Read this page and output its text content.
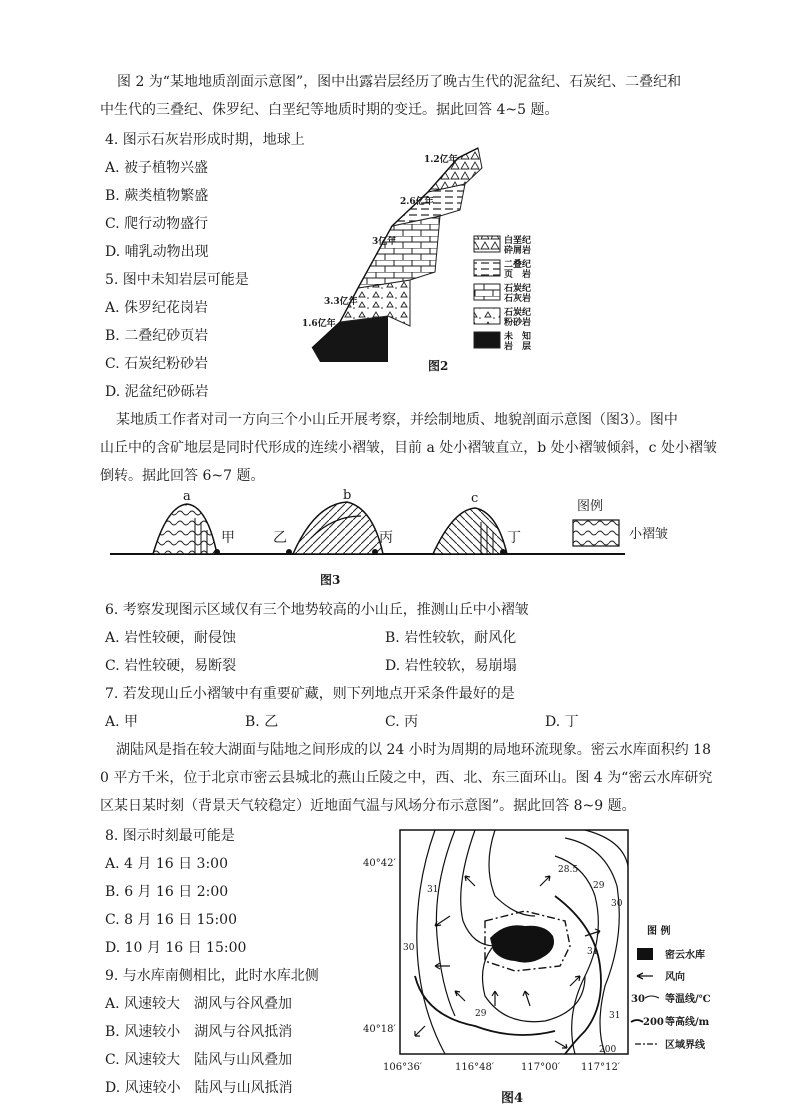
图 2 为“某地地质剖面示意图”，图中出露岩层经历了晚古生代的泥盆纪、石炭纪、二叠纪和
中生代的三叠纪、侏罗纪、白垩纪等地质时期的变迁。据此回答 4~5 题。
4. 图示石灰岩形成时期，地球上
A. 被子植物兴盛
B. 蕨类植物繁盛
C. 爬行动物盛行
D. 哺乳动物出现
5. 图中未知岩层可能是
A. 侏罗纪花岗岩
B. 二叠纪砂页岩
C. 石炭纪粉砂岩
D. 泥盆纪砂砾岩
1.2亿年
2.6亿年
3亿年
3.3亿年
1.6亿年
白垩纪
砕屑岩
二叠纪
页　岩
石炭纪
石灰岩
石炭纪
粉砂岩
未　知
岩　层
图2
某地质工作者对司一方向三个小山丘开展考察，并绘制地质、地貌剖面示意图（图3）。图中
山丘中的含矿地层是同时代形成的连续小褶皱，目前 a 处小褶皱直立，b 处小褶皱倾斜，c 处小褶皱
倒转。据此回答 6~7 题。
a	b	c
甲	乙	丙	丁
图例
小褶皱
图3
6. 考察发现图示区域仅有三个地势较高的小山丘，推测山丘中小褶皱
A. 岩性较硬，耐侵蚀	B. 岩性较软，耐风化
C. 岩性较硬，易断裂	D. 岩性较软，易崩塌
7. 若发现山丘小褶皱中有重要矿藏，则下列地点开采条件最好的是
A. 甲	B. 乙	C. 丙	D. 丁
湖陆风是指在较大湖面与陆地之间形成的以 24 小时为周期的局地环流现象。密云水库面积约 18
0 平方千米，位于北京市密云县城北的燕山丘陵之中，西、北、东三面环山。图 4 为“密云水库研究
区某日某时刻（背景天气较稳定）近地面气温与风场分布示意图”。据此回答 8~9 题。
8. 图示时刻最可能是
A. 4 月 16 日 3:00
B. 6 月 16 日 2:00
C. 8 月 16 日 15:00
D. 10 月 16 日 15:00
9. 与水库南侧相比，此时水库北侧
A. 风速较大　湖风与谷风叠加
B. 风速较小　湖风与谷风抵消
C. 风速较大　陆风与山风叠加
D. 风速较小　陆风与山风抵消
31
28.5
29
30
30	31
29	31
200
40°42′
40°18′
106°36′	116°48′	117°00′ 117°12′
图 例
密云水库
风向
30 等温线/℃
200 等高线/m
区域界线
图4
